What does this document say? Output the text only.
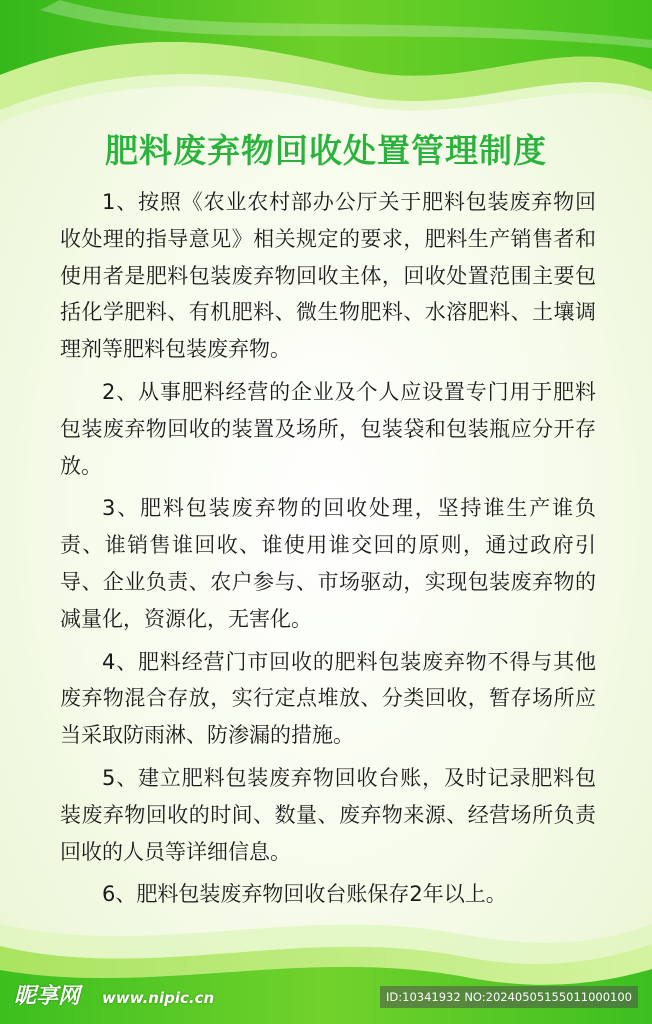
肥料废弃物回收处置管理制度

1、按照《农业农村部办公厅关于肥料包装废弃物回收处理的指导意见》相关规定的要求，肥料生产销售者和使用者是肥料包装废弃物回收主体，回收处置范围主要包括化学肥料、有机肥料、微生物肥料、水溶肥料、土壤调理剂等肥料包装废弃物。

2、从事肥料经营的企业及个人应设置专门用于肥料包装废弃物回收的装置及场所，包装袋和包装瓶应分开存放。

3、肥料包装废弃物的回收处理，坚持谁生产谁负责、谁销售谁回收、谁使用谁交回的原则，通过政府引导、企业负责、农户参与、市场驱动，实现包装废弃物的减量化，资源化，无害化。

4、肥料经营门市回收的肥料包装废弃物不得与其他废弃物混合存放，实行定点堆放、分类回收，暂存场所应当采取防雨淋、防渗漏的措施。

5、建立肥料包装废弃物回收台账，及时记录肥料包装废弃物回收的时间、数量、废弃物来源、经营场所负责回收的人员等详细信息。

6、肥料包装废弃物回收台账保存2年以上。

昵享网 www.nipic.cn	ID:10341932 NO:20240505155011000100
